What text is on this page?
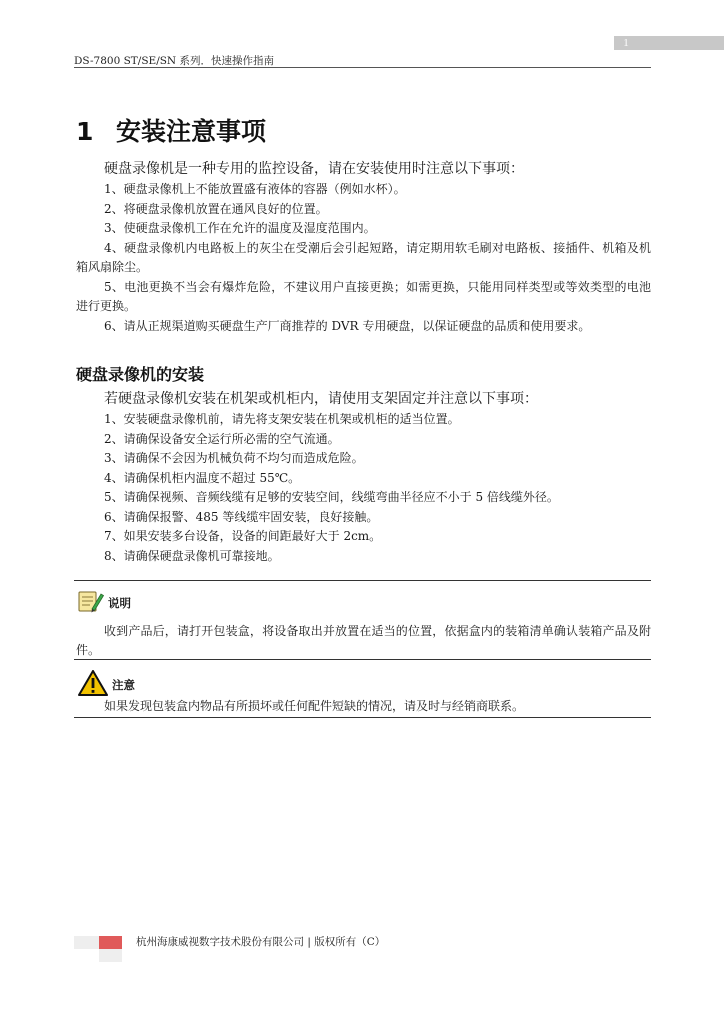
1
DS-7800 ST/SE/SN 系列．快速操作指南
1 安装注意事项

硬盘录像机是一种专用的监控设备，请在安装使用时注意以下事项：

1、硬盘录像机上不能放置盛有液体的容器（例如水杯）。

2、将硬盘录像机放置在通风良好的位置。

3、使硬盘录像机工作在允许的温度及湿度范围内。

4、硬盘录像机内电路板上的灰尘在受潮后会引起短路，请定期用软毛刷对电路板、接插件、机箱及机箱风扇除尘。

5、电池更换不当会有爆炸危险，不建议用户直接更换；如需更换，只能用同样类型或等效类型的电池进行更换。

6、请从正规渠道购买硬盘生产厂商推荐的 DVR 专用硬盘，以保证硬盘的品质和使用要求。

硬盘录像机的安装

若硬盘录像机安装在机架或机柜内，请使用支架固定并注意以下事项：

1、安装硬盘录像机前，请先将支架安装在机架或机柜的适当位置。

2、请确保设备安全运行所必需的空气流通。

3、请确保不会因为机械负荷不均匀而造成危险。

4、请确保机柜内温度不超过 55℃。

5、请确保视频、音频线缆有足够的安装空间，线缆弯曲半径应不小于 5 倍线缆外径。

6、请确保报警、485 等线缆牢固安装，良好接触。

7、如果安装多台设备，设备的间距最好大于 2cm。

8、请确保硬盘录像机可靠接地。

说明

收到产品后，请打开包装盒，将设备取出并放置在适当的位置，依据盒内的装箱清单确认装箱产品及附件。

注意

如果发现包装盒内物品有所损坏或任何配件短缺的情况，请及时与经销商联系。

杭州海康威视数字技术股份有限公司 | 版权所有（C）
